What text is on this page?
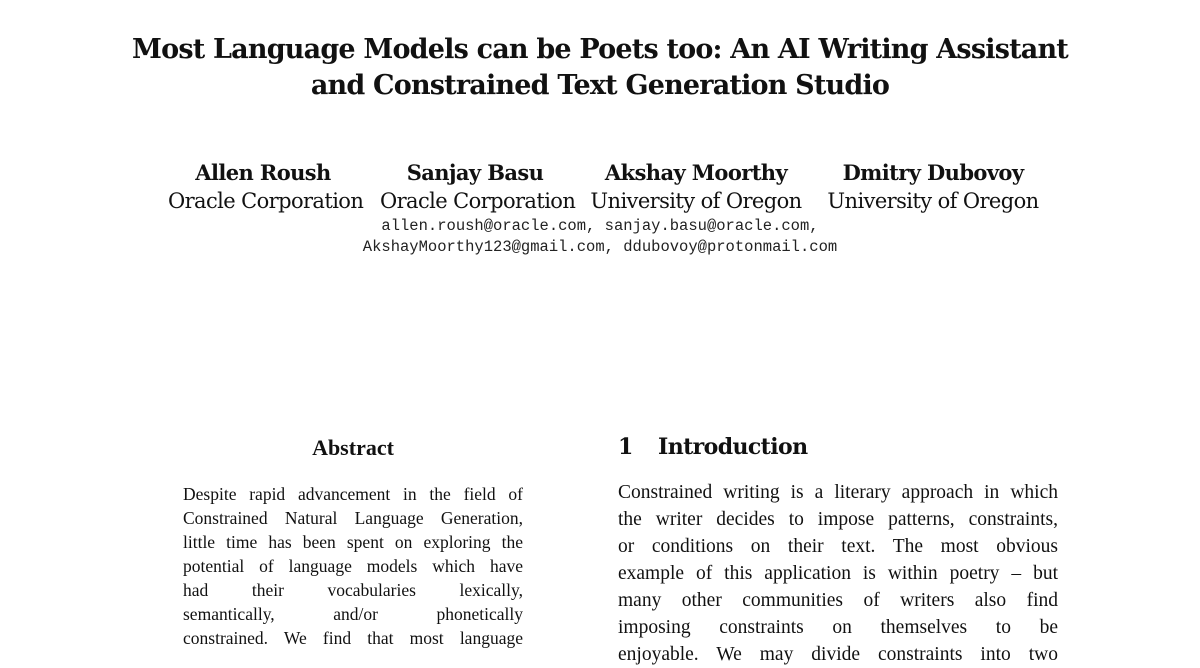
Most Language Models can be Poets too: An AI Writing Assistant
and Constrained Text Generation Studio
Allen Roush
Oracle Corporation
Sanjay Basu
Oracle Corporation
Akshay Moorthy
University of Oregon
Dmitry Dubovoy
University of Oregon
allen.roush@oracle.com, sanjay.basu@oracle.com,
AkshayMoorthy123@gmail.com, ddubovoy@protonmail.com
Abstract
Despite rapid advancement in the field of
Constrained Natural Language Generation,
little time has been spent on exploring the
potential of language models which have
had their vocabularies lexically,
semantically, and/or phonetically
constrained. We find that most language
1 Introduction
Constrained writing is a literary approach in which
the writer decides to impose patterns, constraints,
or conditions on their text. The most obvious
example of this application is within poetry – but
many other communities of writers also find
imposing constraints on themselves to be
enjoyable. We may divide constraints into two
